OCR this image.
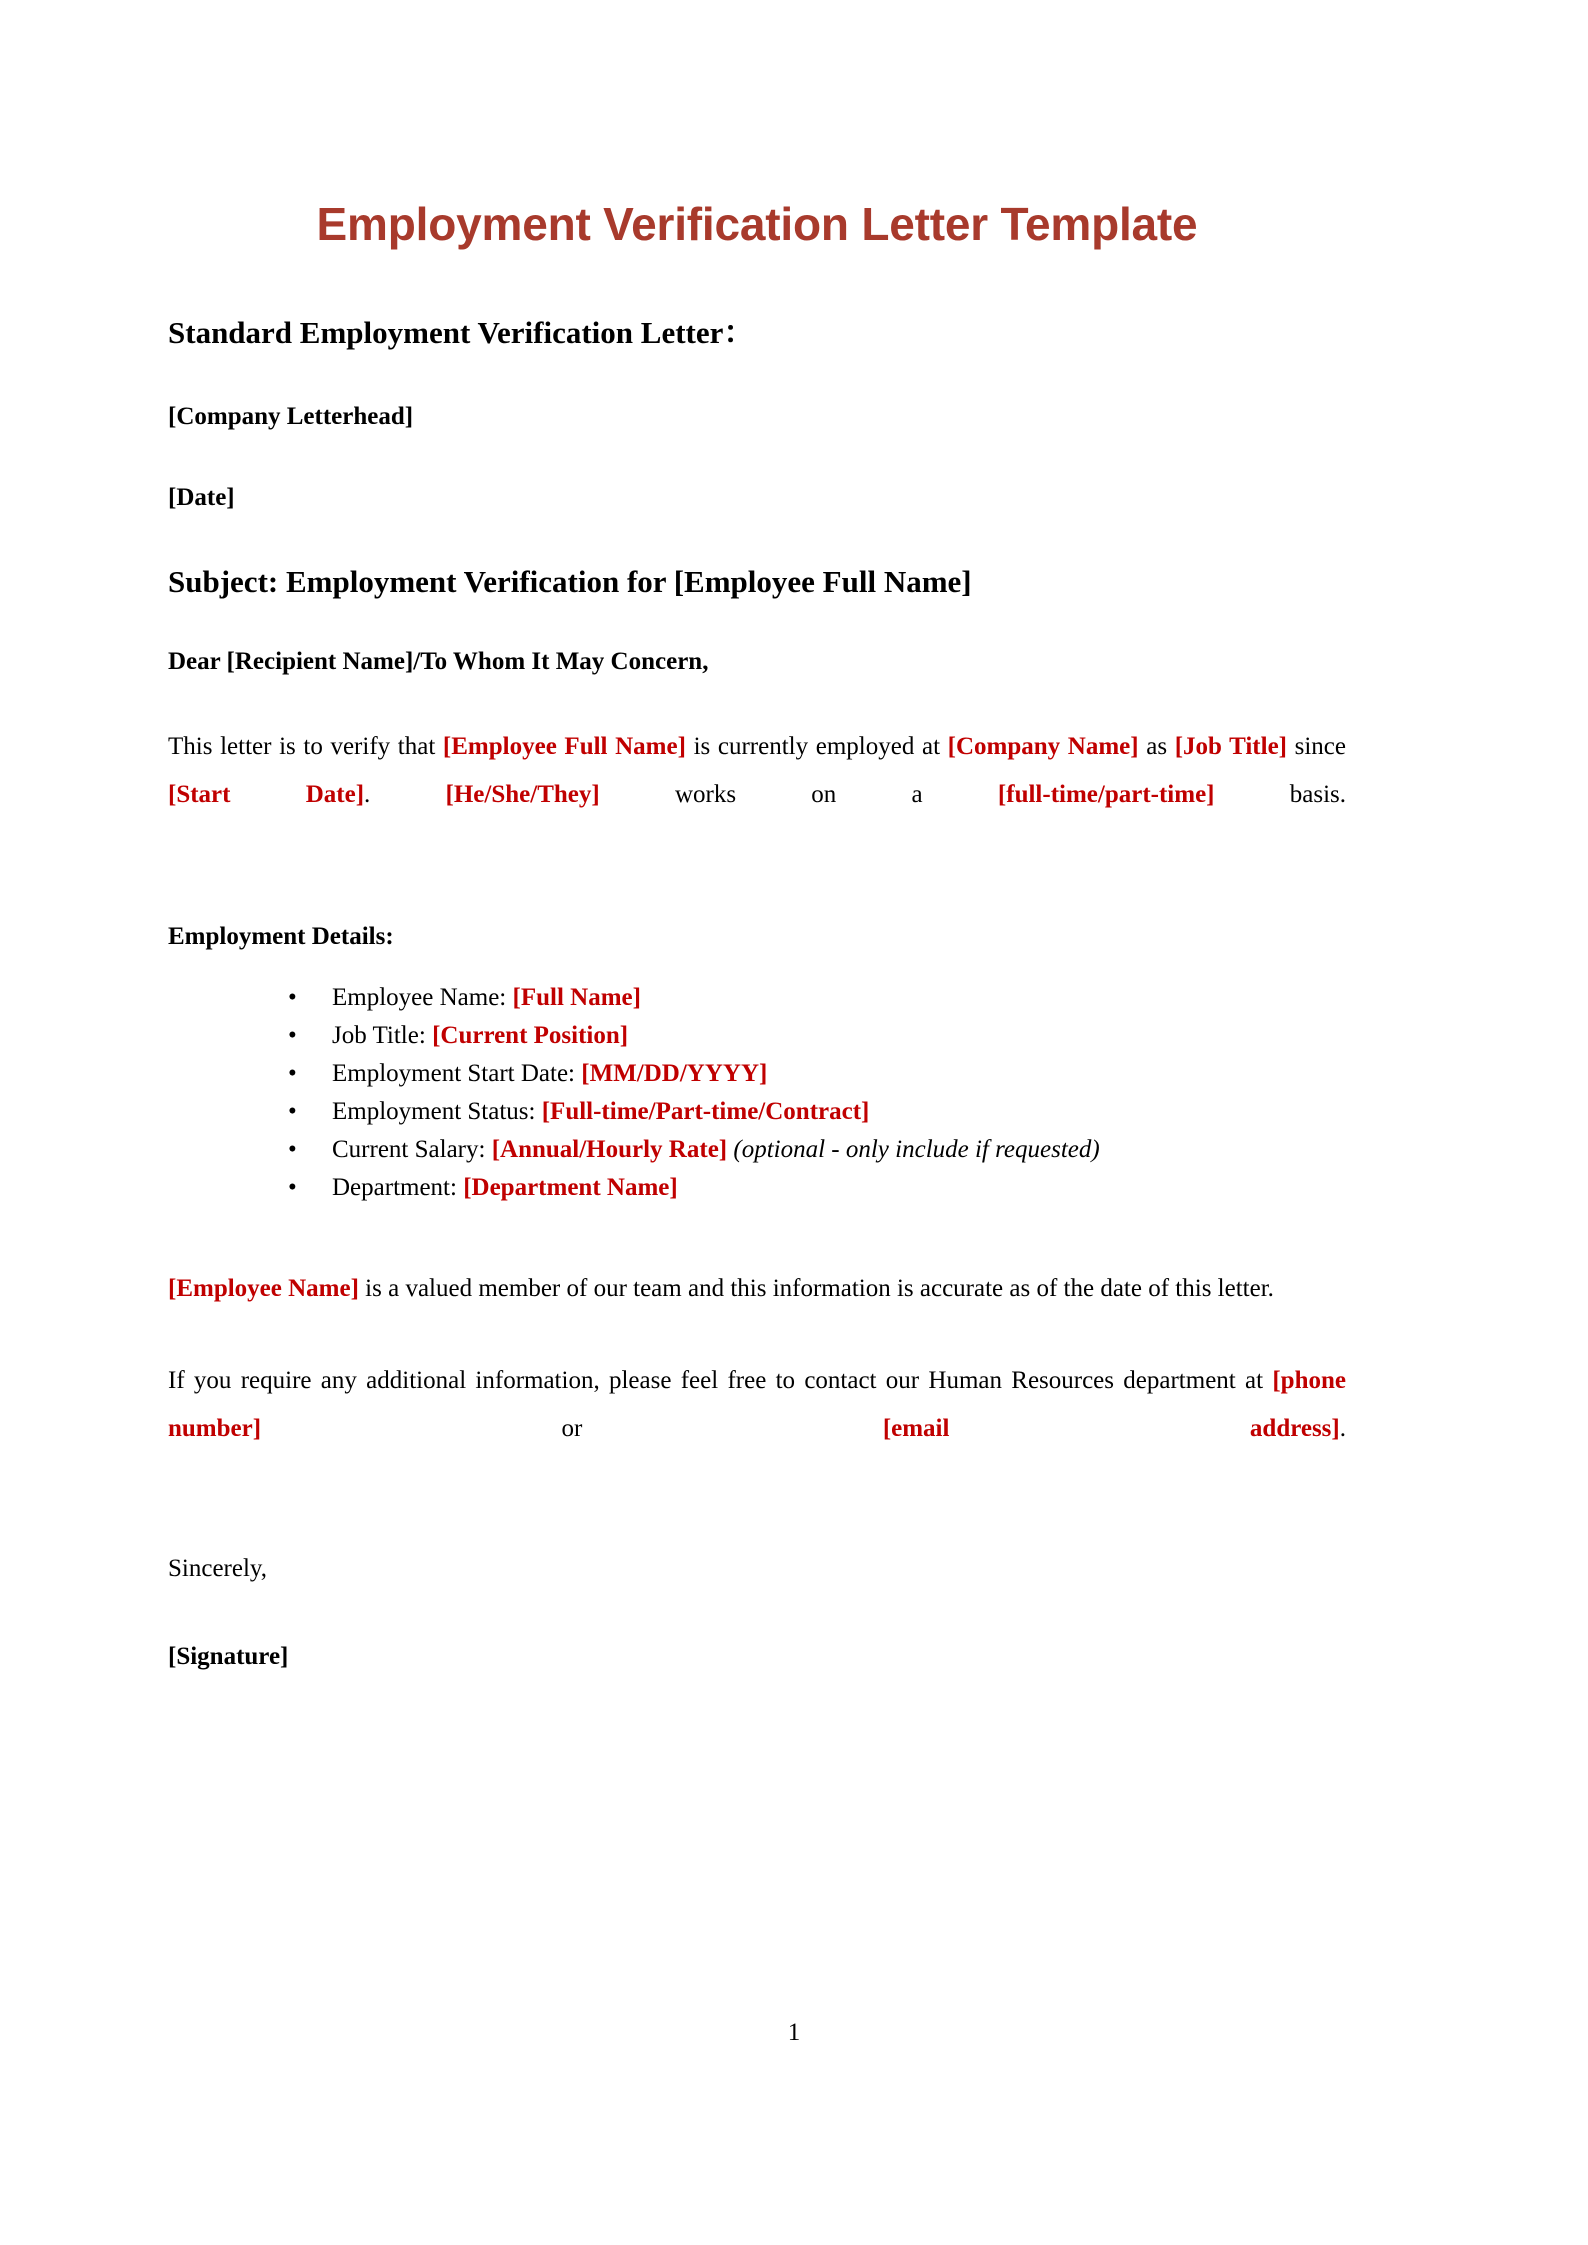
Employment Verification Letter Template
Standard Employment Verification Letter：
[Company Letterhead]
[Date]
Subject: Employment Verification for [Employee Full Name]
Dear [Recipient Name]/To Whom It May Concern,

This letter is to verify that [Employee Full Name] is currently employed at [Company Name] as [Job Title] since [Start Date]. [He/She/They] works on a [full-time/part-time] basis.

Employment Details:
• Employee Name: [Full Name]
• Job Title: [Current Position]
• Employment Start Date: [MM/DD/YYYY]
• Employment Status: [Full-time/Part-time/Contract]
• Current Salary: [Annual/Hourly Rate] (optional - only include if requested)
• Department: [Department Name]

[Employee Name] is a valued member of our team and this information is accurate as of the date of this letter.

If you require any additional information, please feel free to contact our Human Resources department at [phone number] or [email address].

Sincerely,
[Signature]
1
